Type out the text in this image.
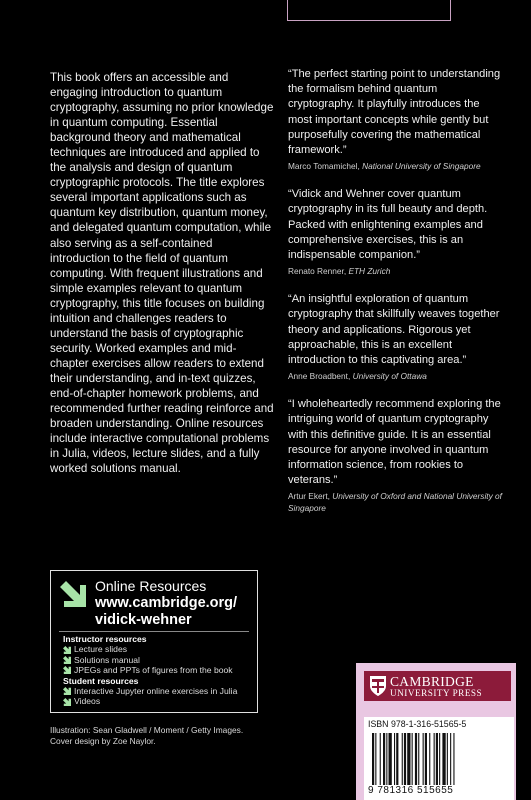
This book offers an accessible and engaging introduction to quantum cryptography, assuming no prior knowledge in quantum computing. Essential background theory and mathematical techniques are introduced and applied to the analysis and design of quantum cryptographic protocols. The title explores several important applications such as quantum key distribution, quantum money, and delegated quantum computation, while also serving as a self-contained introduction to the field of quantum computing. With frequent illustrations and simple examples relevant to quantum cryptography, this title focuses on building intuition and challenges readers to understand the basis of cryptographic security. Worked examples and mid-chapter exercises allow readers to extend their understanding, and in-text quizzes, end-of-chapter homework problems, and recommended further reading reinforce and broaden understanding. Online resources include interactive computational problems in Julia, videos, lecture slides, and a fully worked solutions manual.

“The perfect starting point to understanding the formalism behind quantum cryptography. It playfully introduces the most important concepts while gently but purposefully covering the mathematical framework.”

Marco Tomamichel, National University of Singapore

“Vidick and Wehner cover quantum cryptography in its full beauty and depth. Packed with enlightening examples and comprehensive exercises, this is an indispensable companion.”

Renato Renner, ETH Zurich

“An insightful exploration of quantum cryptography that skillfully weaves together theory and applications. Rigorous yet approachable, this is an excellent introduction to this captivating area.”

Anne Broadbent, University of Ottawa

“I wholeheartedly recommend exploring the intriguing world of quantum cryptography with this definitive guide. It is an essential resource for anyone involved in quantum information science, from rookies to veterans.”

Artur Ekert, University of Oxford and National University of Singapore

Online Resources
www.cambridge.org/
vidick-wehner
Instructor resources
Lecture slides
Solutions manual
JPEGs and PPTs of figures from the book
Student resources
Interactive Jupyter online exercises in Julia
Videos
Illustration: Sean Gladwell / Moment / Getty Images.
Cover design by Zoe Naylor.
CAMBRIDGE
UNIVERSITY PRESS
ISBN 978-1-316-51565-5
9 781316 515655
